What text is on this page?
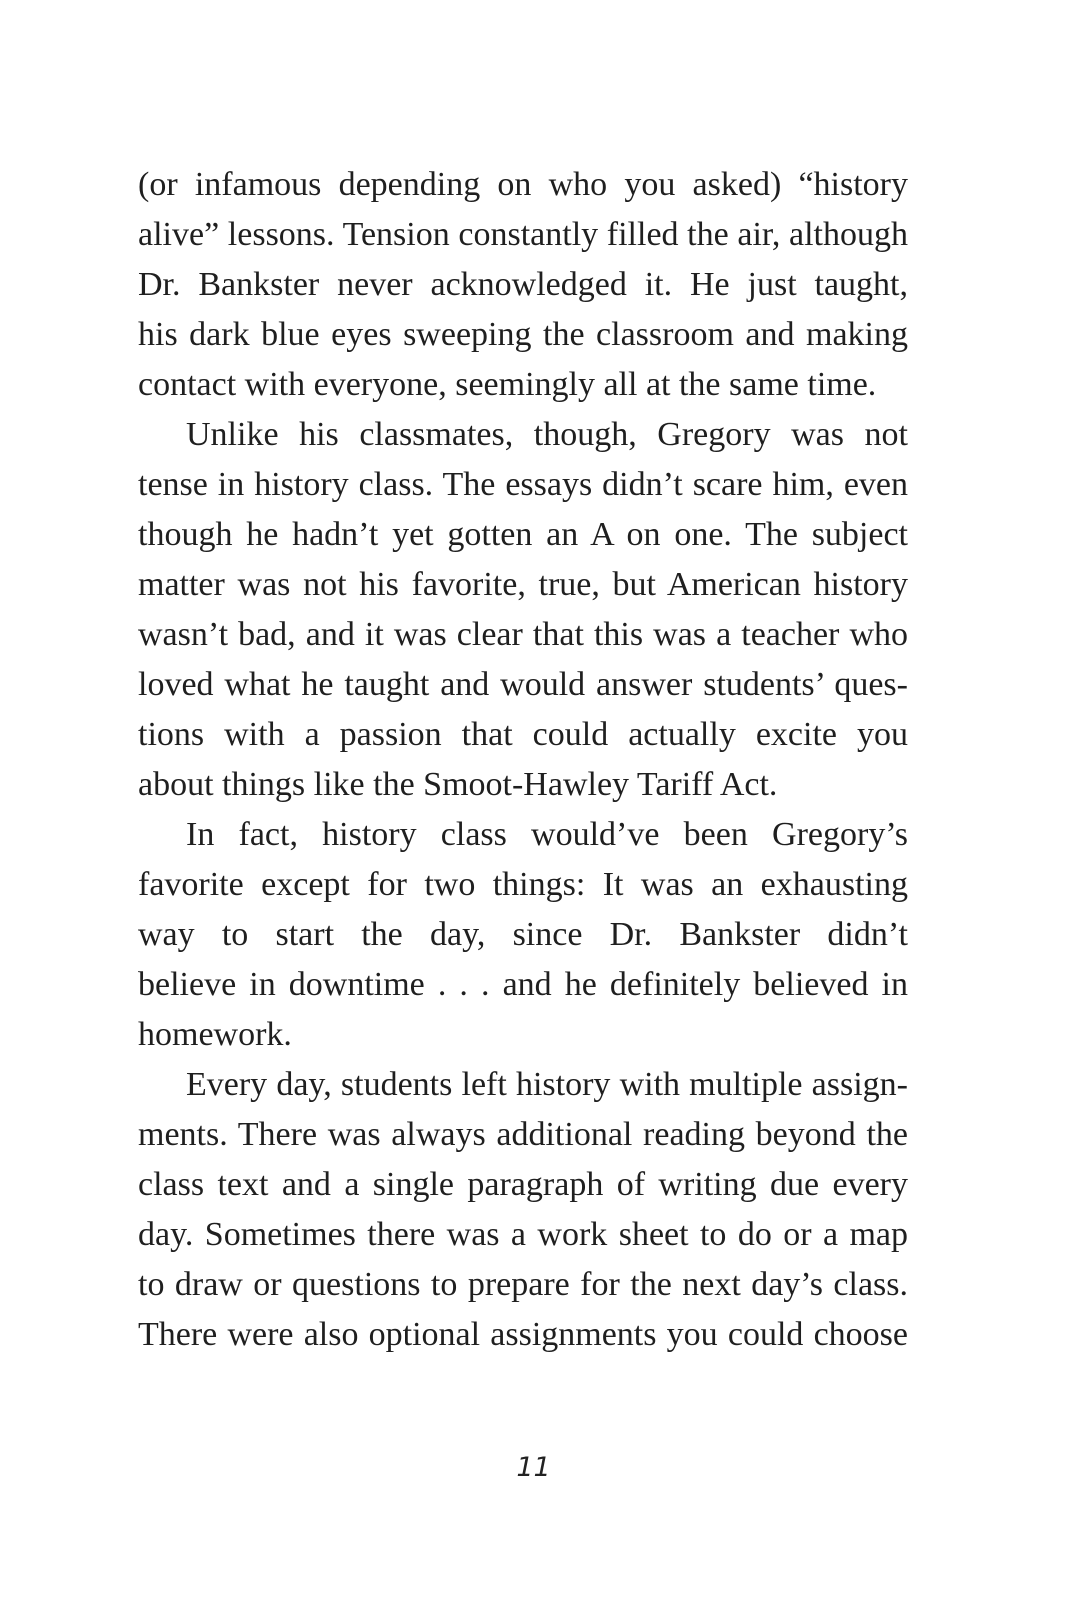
(or infamous depending on who you asked) “history
alive” lessons. Tension constantly filled the air, although
Dr. Bankster never acknowledged it. He just taught,
his dark blue eyes sweeping the classroom and making
contact with everyone, seemingly all at the same time.

Unlike his classmates, though, Gregory was not
tense in history class. The essays didn’t scare him, even
though he hadn’t yet gotten an A on one. The subject
matter was not his favorite, true, but American history
wasn’t bad, and it was clear that this was a teacher who
loved what he taught and would answer students’ ques-
tions with a passion that could actually excite you
about things like the Smoot-Hawley Tariff Act.

In fact, history class would’ve been Gregory’s
favorite except for two things: It was an exhausting
way to start the day, since Dr. Bankster didn’t
believe in downtime . . . and he definitely believed in
homework.

Every day, students left history with multiple assign-
ments. There was always additional reading beyond the
class text and a single paragraph of writing due every
day. Sometimes there was a work sheet to do or a map
to draw or questions to prepare for the next day’s class.
There were also optional assignments you could choose

11
